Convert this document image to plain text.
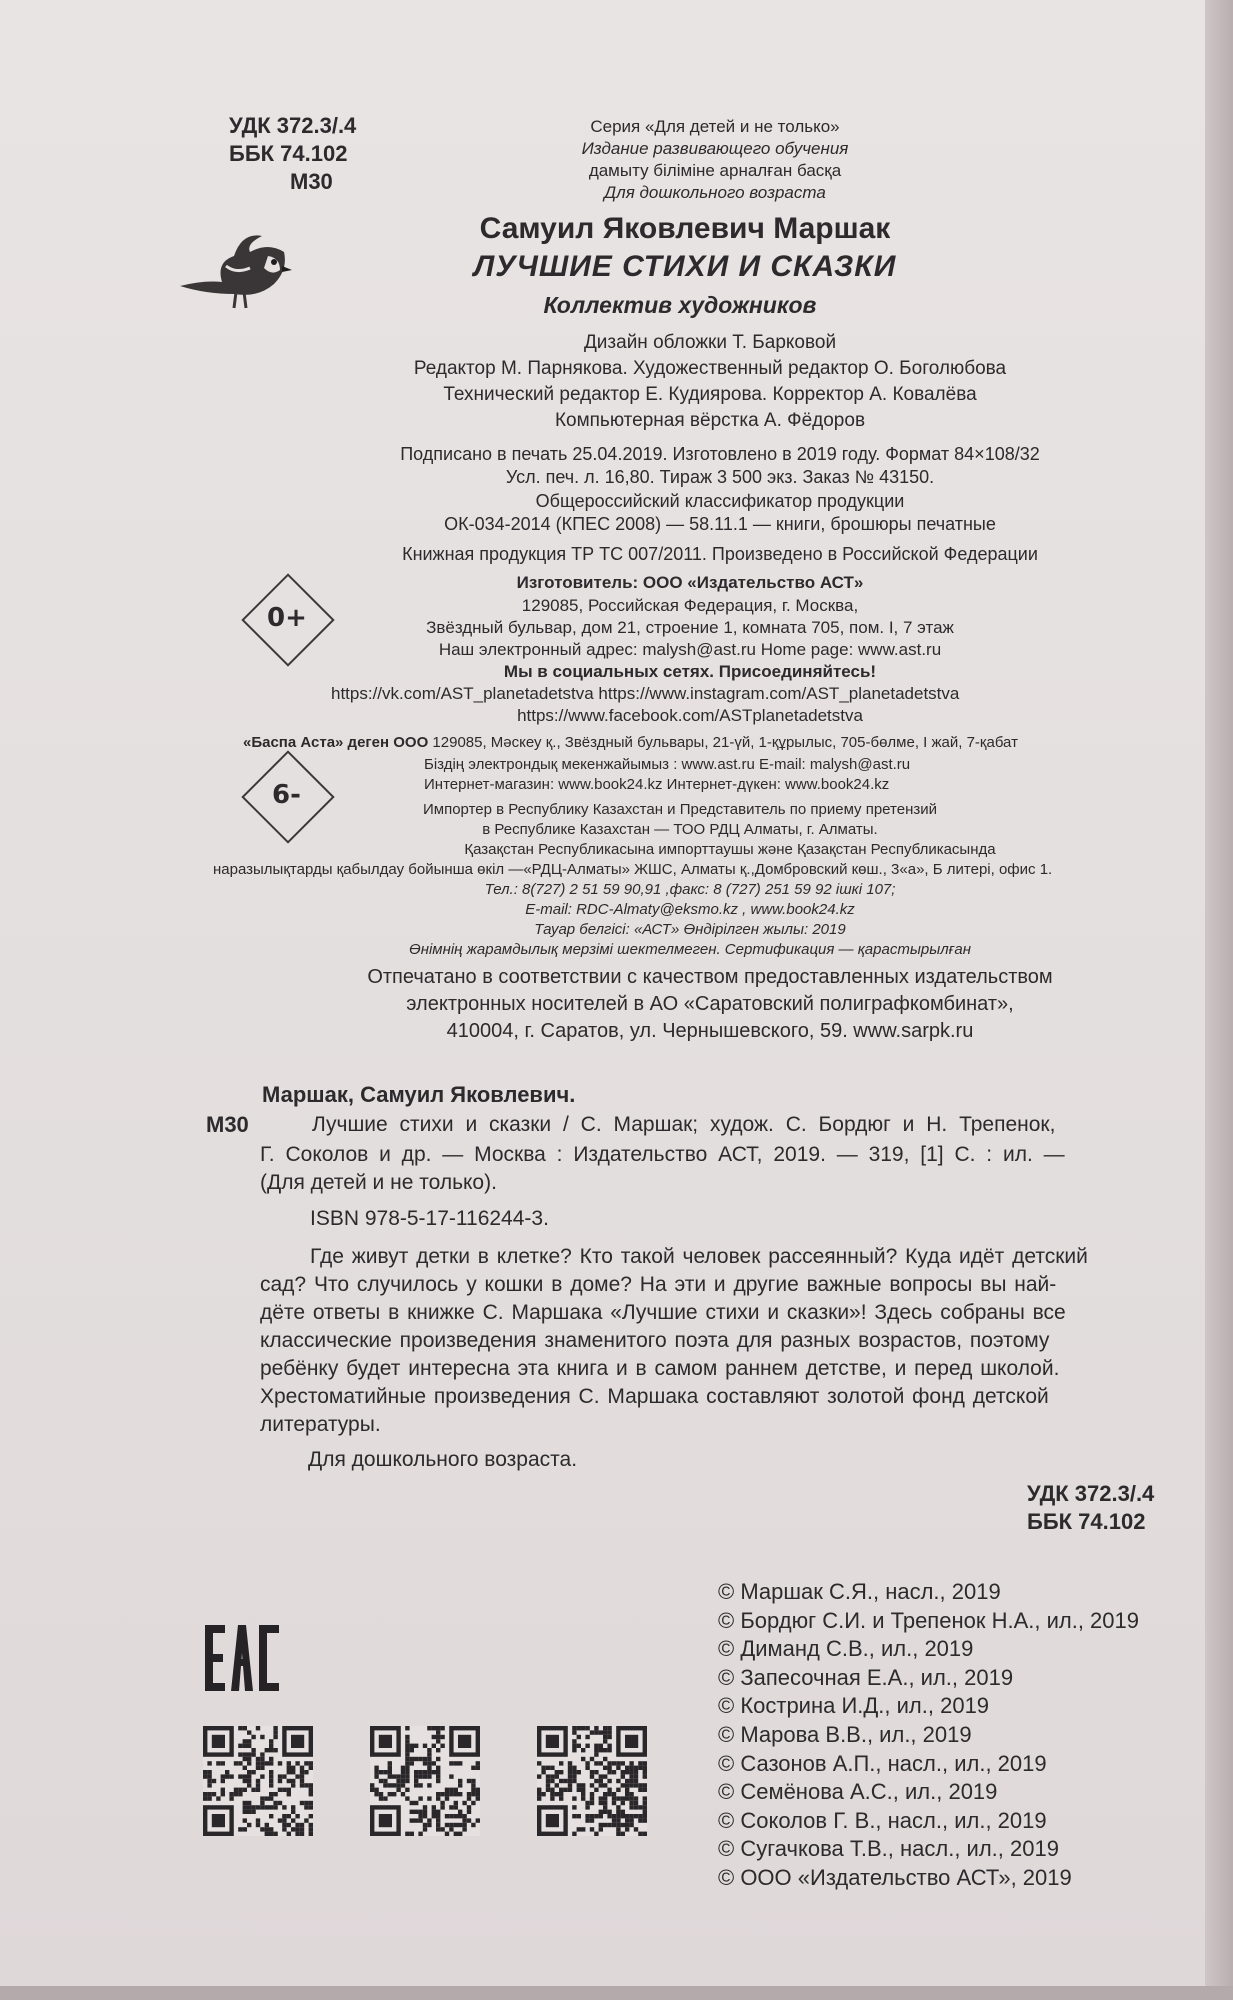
УДК 372.3/.4
ББК 74.102
М30
Серия «Для детей и не только»
Издание развивающего обучения
дамыту біліміне арналған басқа
Для дошкольного возраста
Самуил Яковлевич Маршак
ЛУЧШИЕ СТИХИ И СКАЗКИ
Коллектив художников
Дизайн обложки Т. Барковой
Редактор М. Парнякова. Художественный редактор О. Боголюбова
Технический редактор Е. Кудиярова. Корректор А. Ковалёва
Компьютерная вёрстка А. Фёдоров
Подписано в печать 25.04.2019. Изготовлено в 2019 году. Формат 84×108/32
Усл. печ. л. 16,80. Тираж 3 500 экз. Заказ № 43150.
Общероссийский классификатор продукции
ОК-034-2014 (КПЕС 2008) — 58.11.1 — книги, брошюры печатные
Книжная продукция ТР ТС 007/2011. Произведено в Российской Федерации
0+
Изготовитель: ООО «Издательство АСТ»
129085, Российская Федерация, г. Москва,
Звёздный бульвар, дом 21, строение 1, комната 705, пом. I, 7 этаж
Наш электронный адрес: malysh@ast.ru Home page: www.ast.ru
Мы в социальных сетях. Присоединяйтесь!
https://vk.com/AST_planetadetstva https://www.instagram.com/AST_planetadetstva
https://www.facebook.com/ASTplanetadetstva
«Баспа Аста» деген ООО 129085, Мәскеу қ., Звёздный бульвары, 21-үй, 1-құрылыс, 705-бөлме, I жай, 7-қабат
Біздің электрондық мекенжайымыз : www.ast.ru E-mail: malysh@ast.ru
Интернет-магазин: www.book24.kz Интернет-дүкен: www.book24.kz
6-	Импортер в Республику Казахстан и Представитель по приему претензий
в Республике Казахстан — ТОО РДЦ Алматы, г. Алматы.
Қазақстан Республикасына импорттаушы және Қазақстан Республикасында
наразылықтарды қабылдау бойынша өкіл —«РДЦ-Алматы» ЖШС, Алматы қ.,Домбровский көш., 3«а», Б литері, офис 1.
Тел.: 8(727) 2 51 59 90,91 ,факс: 8 (727) 251 59 92 ішкі 107;
E-mail: RDC-Almaty@eksmo.kz , www.book24.kz
Тауар белгісі: «АСТ» Өндірілген жылы: 2019
Өнімнің жарамдылық мерзімі шектелмеген. Сертификация — қарастырылған
Отпечатано в соответствии с качеством предоставленных издательством
электронных носителей в АО «Саратовский полиграфкомбинат»,
410004, г. Саратов, ул. Чернышевского, 59. www.sarpk.ru
Маршак, Самуил Яковлевич.
М30	Лучшие стихи и сказки / С. Маршак; худож. С. Бордюг и Н. Трепенок,
Г. Соколов и др. — Москва : Издательство АСТ, 2019. — 319, [1] С. : ил. —
(Для детей и не только).
ISBN 978-5-17-116244-3.
Где живут детки в клетке? Кто такой человек рассеянный? Куда идёт детский
сад? Что случилось у кошки в доме? На эти и другие важные вопросы вы най-
дёте ответы в книжке С. Маршака «Лучшие стихи и сказки»! Здесь собраны все
классические произведения знаменитого поэта для разных возрастов, поэтому
ребёнку будет интересна эта книга и в самом раннем детстве, и перед школой.
Хрестоматийные произведения С. Маршака составляют золотой фонд детской
литературы.
Для дошкольного возраста.
УДК 372.3/.4
ББК 74.102
© Маршак С.Я., насл., 2019
© Бордюг С.И. и Трепенок Н.А., ил., 2019
© Диманд С.В., ил., 2019
© Запесочная Е.А., ил., 2019
© Кострина И.Д., ил., 2019
© Марова В.В., ил., 2019
© Сазонов А.П., насл., ил., 2019
© Семёнова А.С., ил., 2019
© Соколов Г. В., насл., ил., 2019
© Сугачкова Т.В., насл., ил., 2019
© ООО «Издательство АСТ», 2019
